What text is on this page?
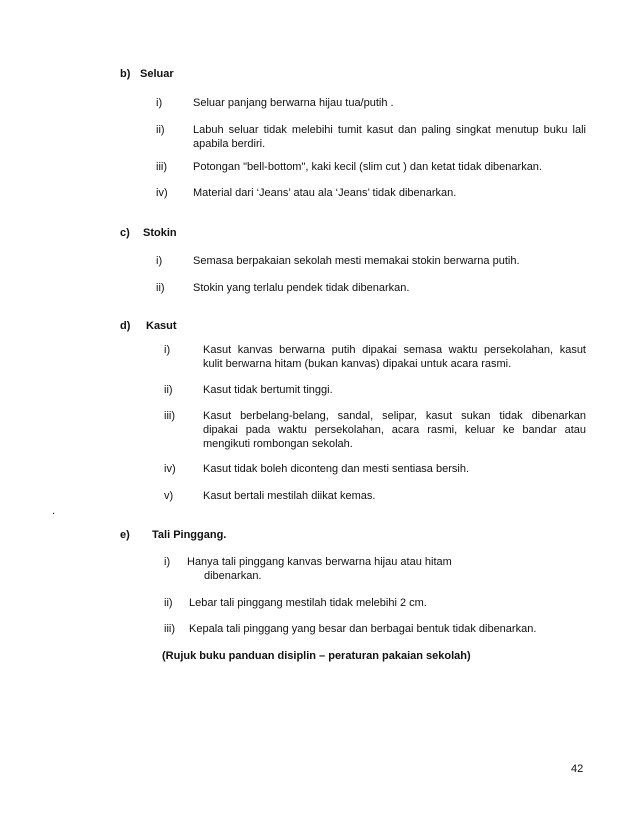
b) Seluar
i)	Seluar panjang berwarna hijau tua/putih .
ii)	Labuh seluar tidak melebihi tumit kasut dan paling singkat menutup buku lali
apabila berdiri.
iii) Potongan "bell-bottom", kaki kecil (slim cut ) dan ketat tidak dibenarkan.
iv) Material dari ‘Jeans’ atau ala ‘Jeans’ tidak dibenarkan.
c) Stokin
i)	Semasa berpakaian sekolah mesti memakai stokin berwarna putih.
ii)	Stokin yang terlalu pendek tidak dibenarkan.
d) Kasut
i)	Kasut kanvas berwarna putih dipakai semasa waktu persekolahan, kasut
kulit berwarna hitam (bukan kanvas) dipakai untuk acara rasmi.
ii)	Kasut tidak bertumit tinggi.
iii)	Kasut berbelang-belang, sandal, selipar, kasut sukan tidak dibenarkan
dipakai pada waktu persekolahan, acara rasmi, keluar ke bandar atau
mengikuti rombongan sekolah.
iv) Kasut tidak boleh diconteng dan mesti sentiasa bersih.
v)	Kasut bertali mestilah diikat kemas.
.
e) Tali Pinggang.
i) Hanya tali pinggang kanvas berwarna hijau atau hitam
dibenarkan.
ii) Lebar tali pinggang mestilah tidak melebihi 2 cm.
iii) Kepala tali pinggang yang besar dan berbagai bentuk tidak dibenarkan.
(Rujuk buku panduan disiplin – peraturan pakaian sekolah)
42
